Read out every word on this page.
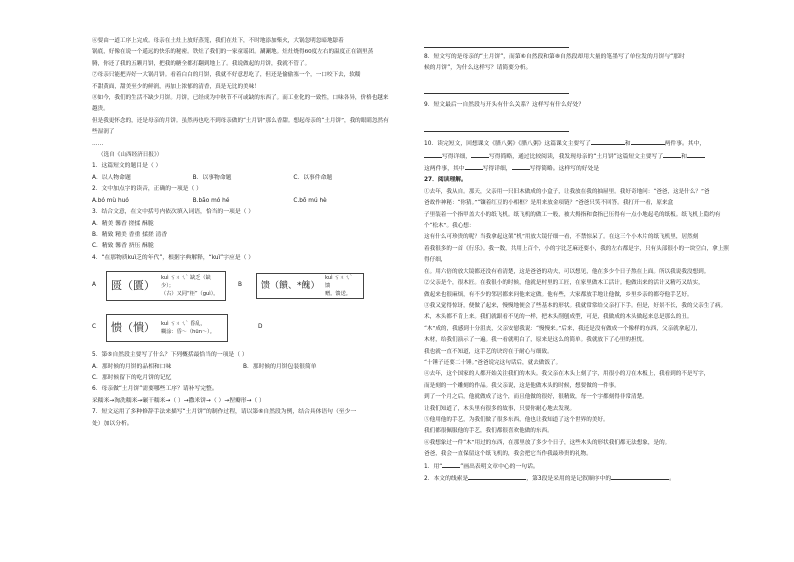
⑥要由一道工序上完成。母亲在土灶上放好蒸笼，我们在灶下，不时地添加柴火，大锅忽明忽暗地舔着

锅底，好像在说一个遥远的快乐的秘密。铁灶了我们的一家童谣团。涮涮地。灶灶烧得60度左右的温度正在锅里蒸

腾，你还了我的五颗月饼，把我的糖全都打翻到地上了。我说做起的月饼，我就不管了。

⑦母亲只能把弄好一大锅月饼。看着白白的月饼，我就不好意思吃了，但还是偷偷塞一个，一口咬下去，软糯

不甜黄面，甜美至少的鲜润，再加上浓郁的清香，真是无比的美味！

⑧如今，我们的生活不缺少月饼。月饼，已经成为中秋节不可或缺的东西了。而工业化的一致性，口味各异，价格也越来越贵。

但是我更怀念的，还是母亲的月饼。虽然再也吃不到母亲做的“土月饼”那么香甜。想起母亲的“土月饼”，我的眼睛忽然有些湿润了

……

（选自《山西经济日报》）

1．这篇短文的题目是（ ）

A．以人物命题	B．以事物命题	C．以事件命题

2．文中加点字的读音，正确的一项是（ ）

A.bó mù huó	B.bāo mó hé	C.bō mú hè

3．结合文意，在文中括号内依次填入词语，恰当的一项是（ ）

A．精美 馨香 搓揉 酥脆

B．精致 精美 香重 揉搓 清香

C．精致 馨香 挤压 酥脆

4．“在那物质kuì乏的年代”，根据字典解释，“kuì”字应是（ ）

A	匮（匱）
kuì ㄎㄨㄟˋ 缺乏（缺
少）；
（古）又同“柜”（guì）。
B	馈（饋、*餽）
kuì ㄎㄨㄟˋ 馈
赠。馈送。
C	愦（憒） kuì ㄎㄨㄟˋ 昏乱，
糊涂：昏～（hūn～）。
D

5．第⑤自然段主要写了什么？下列概括最恰当的一项是（ ）

A．那时候的月饼的品相和口味	B．那时候的月饼包装很简单

C．那时候留下的吃月饼的记忆

6．母亲做“土月饼”需要哪些工序？请补写完整。

采糯米→淘洗糯米→碾干糯米→（ ）→撒米饼→（ ）→捏瓣形→（ ）

7．短文运用了多种修辞手法来描写“土月饼”的制作过程，请以第⑥自然段为例，结合具体语句（至少一

处）加以分析。

8．短文写的是母亲的“土月饼”，而第⑥自然段和第⑧自然段却用大量的笔墨写了单位发的月饼与“那时

候的月饼”，为什么这样写？请简要分析。

9．短文最后一自然段与开头有什么关系？这样写有什么好处？

10．读完短文，回想课文《腊八粥》《腊八粥》这篇课文主要写了	和	两件事。其中，

写得详细，	写得简略，通过比较阅读，我发现母亲的“土月饼”这篇短文主要写了	和

这两件事，其中	写得详细，	写得简略。这样写的好处是

27．阅读理解。

①去年，我从自。那天，父亲用一只旧木做成的小盒子，让我放在我的抽屉里。我好奇地问：“爸爸，这是什么？”爸

爸故作神秘：“你猜。”“镶着红豆的小相框？是用来放金项链？”爸爸只笑不回答。我打开一看，原来盒

子里装着一个指甲盖大小的纸飞机。纸飞机的做工一般，被大拇指和食指已压得有一点小地起毛的纸板。纸飞机上隐约有个“松木”。我心想：

这有什么可珍贵的呢？当我拿起这架“机”用放大镜仔细一看，不禁惊呆了。在这三个小木片的纸飞机里，居然刻

着我很多的一首《行乐》。我一数，共用上百个，小的字比芝麻还要小，我的左右都是字，只有头部很小的一块空白，拿上照得仔细，

在。用六倍的放大镜都还没有看清楚，这是爸爸的功夫，可以想见，他在多少个日子熬在上面。所以我说我没想到。

②父亲是个，很木匠。在我很小的时候，他就是村里的工匠，在家里做木工活计。他做出来的活计又精巧又结实，

做起来也很麻烦，有不少的邻居都来问他来定做。他有些，大家都放手地让他做，乡里乡亲的都夸他手艺好。

③我又觉得惊讶，便做了起来，慢慢地便会了些基本的形状。我就常常给父亲打下手。但是，好景不长，我的父亲生了病。

术，木头都不肯上来。我们就跟看不见的一样，把木头削刨成型，可是，我做成的木头做起来总是那么的丑。

“木”成的，我感到十分沮丧，父亲安慰我说：“慢慢来。”后来，我还是没有做成一个像样的东西，父亲就拿起刀，

木材，给我们演示了一遍。我一看就明白了，原来是这么的简单。我就放下了心里的担忧。

我也就一直不知道，这手艺的诀窍在于耐心与细致。

“十锤子还要二十锤。”爸爸说完这句话后，就去做饭了。

④去年，这个国家的人都开始关注我们的木头。我父亲在木头上刻了字，用很小的刀在木板上，我看到的不是写字，

而是刻的一个雕刻的作品。我父亲说，这是他做木头的时候，想要做的一件事。

到了一个月之后，他就做成了这个，而且他做的很好，很精致，每一个字都刻得非常清楚。

让我们知道了，木头里有很多的故事，只要你耐心地去发现。

⑤他用他的手艺，为我们做了很多东西，他也让我知道了这个世界的美好。

我们都很佩服他的手艺，我们都很喜欢他做的东西。

⑥我想象过一件“木”用过的东西，在那里放了多少个日子，这些木头的形状我们都无法想象，是的。

爸爸，我会一直保留这个纸飞机的，我会把它当作我最珍贵的礼物。

1．用“	”画出表明文章中心的一句话。

2．本文的线索是	，第3段是采用的是记叙顺序中的	。
